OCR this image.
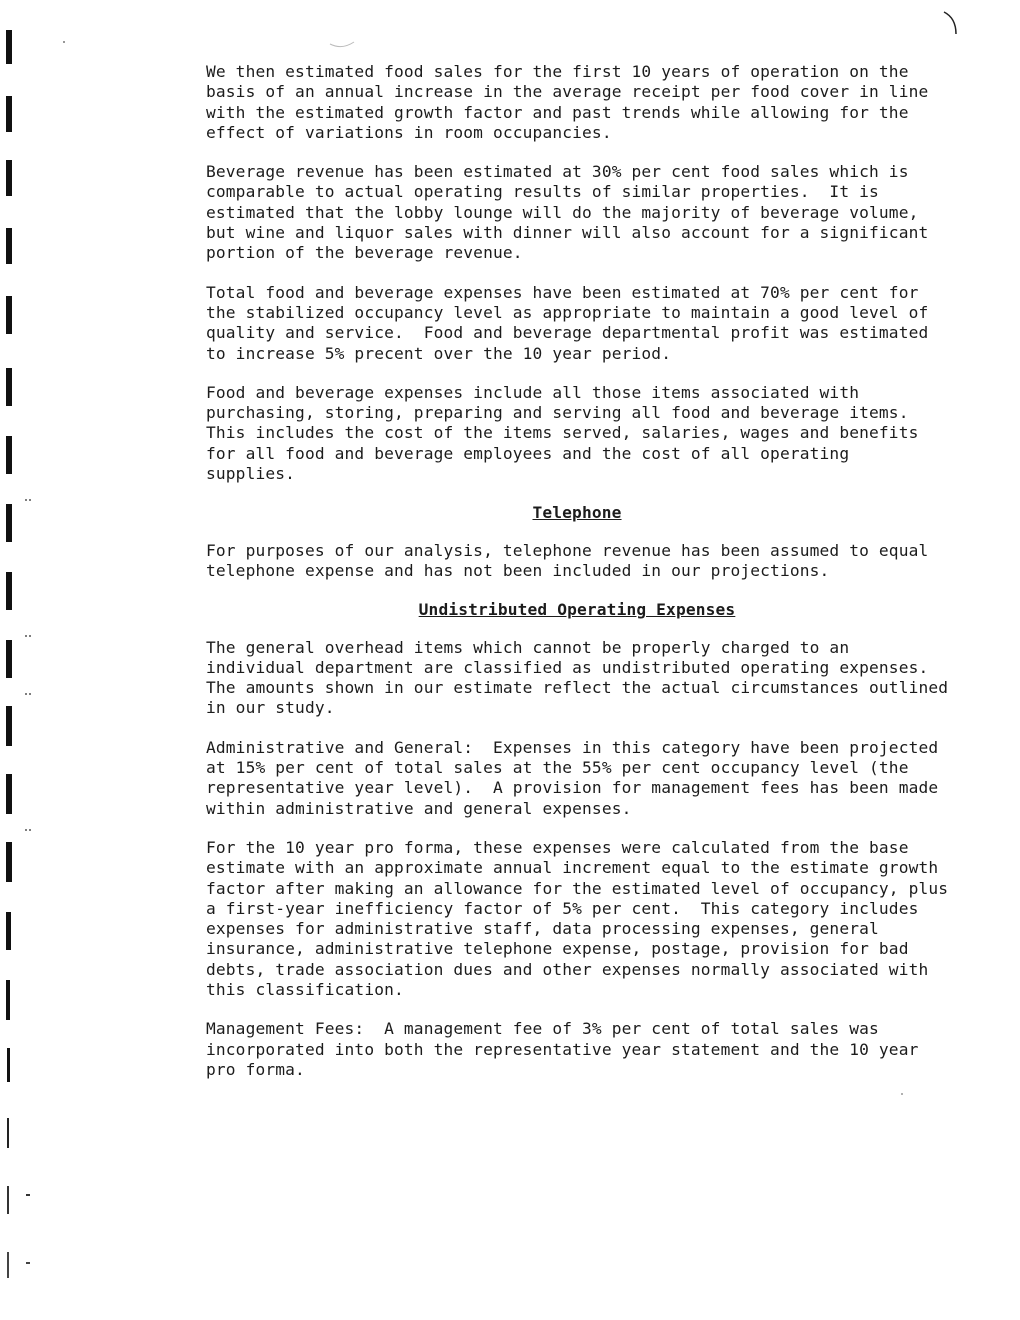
We then estimated food sales for the first 10 years of operation on the
basis of an annual increase in the average receipt per food cover in line
with the estimated growth factor and past trends while allowing for the
effect of variations in room occupancies.

Beverage revenue has been estimated at 30% per cent food sales which is
comparable to actual operating results of similar properties.  It is
estimated that the lobby lounge will do the majority of beverage volume,
but wine and liquor sales with dinner will also account for a significant
portion of the beverage revenue.

Total food and beverage expenses have been estimated at 70% per cent for
the stabilized occupancy level as appropriate to maintain a good level of
quality and service.  Food and beverage departmental profit was estimated
to increase 5% precent over the 10 year period.

Food and beverage expenses include all those items associated with
purchasing, storing, preparing and serving all food and beverage items.
This includes the cost of the items served, salaries, wages and benefits
for all food and beverage employees and the cost of all operating
supplies.

Telephone

For purposes of our analysis, telephone revenue has been assumed to equal
telephone expense and has not been included in our projections.

Undistributed Operating Expenses

The general overhead items which cannot be properly charged to an
individual department are classified as undistributed operating expenses.
The amounts shown in our estimate reflect the actual circumstances outlined
in our study.

Administrative and General:  Expenses in this category have been projected
at 15% per cent of total sales at the 55% per cent occupancy level (the
representative year level).  A provision for management fees has been made
within administrative and general expenses.

For the 10 year pro forma, these expenses were calculated from the base
estimate with an approximate annual increment equal to the estimate growth
factor after making an allowance for the estimated level of occupancy, plus
a first-year inefficiency factor of 5% per cent.  This category includes
expenses for administrative staff, data processing expenses, general
insurance, administrative telephone expense, postage, provision for bad
debts, trade association dues and other expenses normally associated with
this classification.

Management Fees:  A management fee of 3% per cent of total sales was
incorporated into both the representative year statement and the 10 year
pro forma.
